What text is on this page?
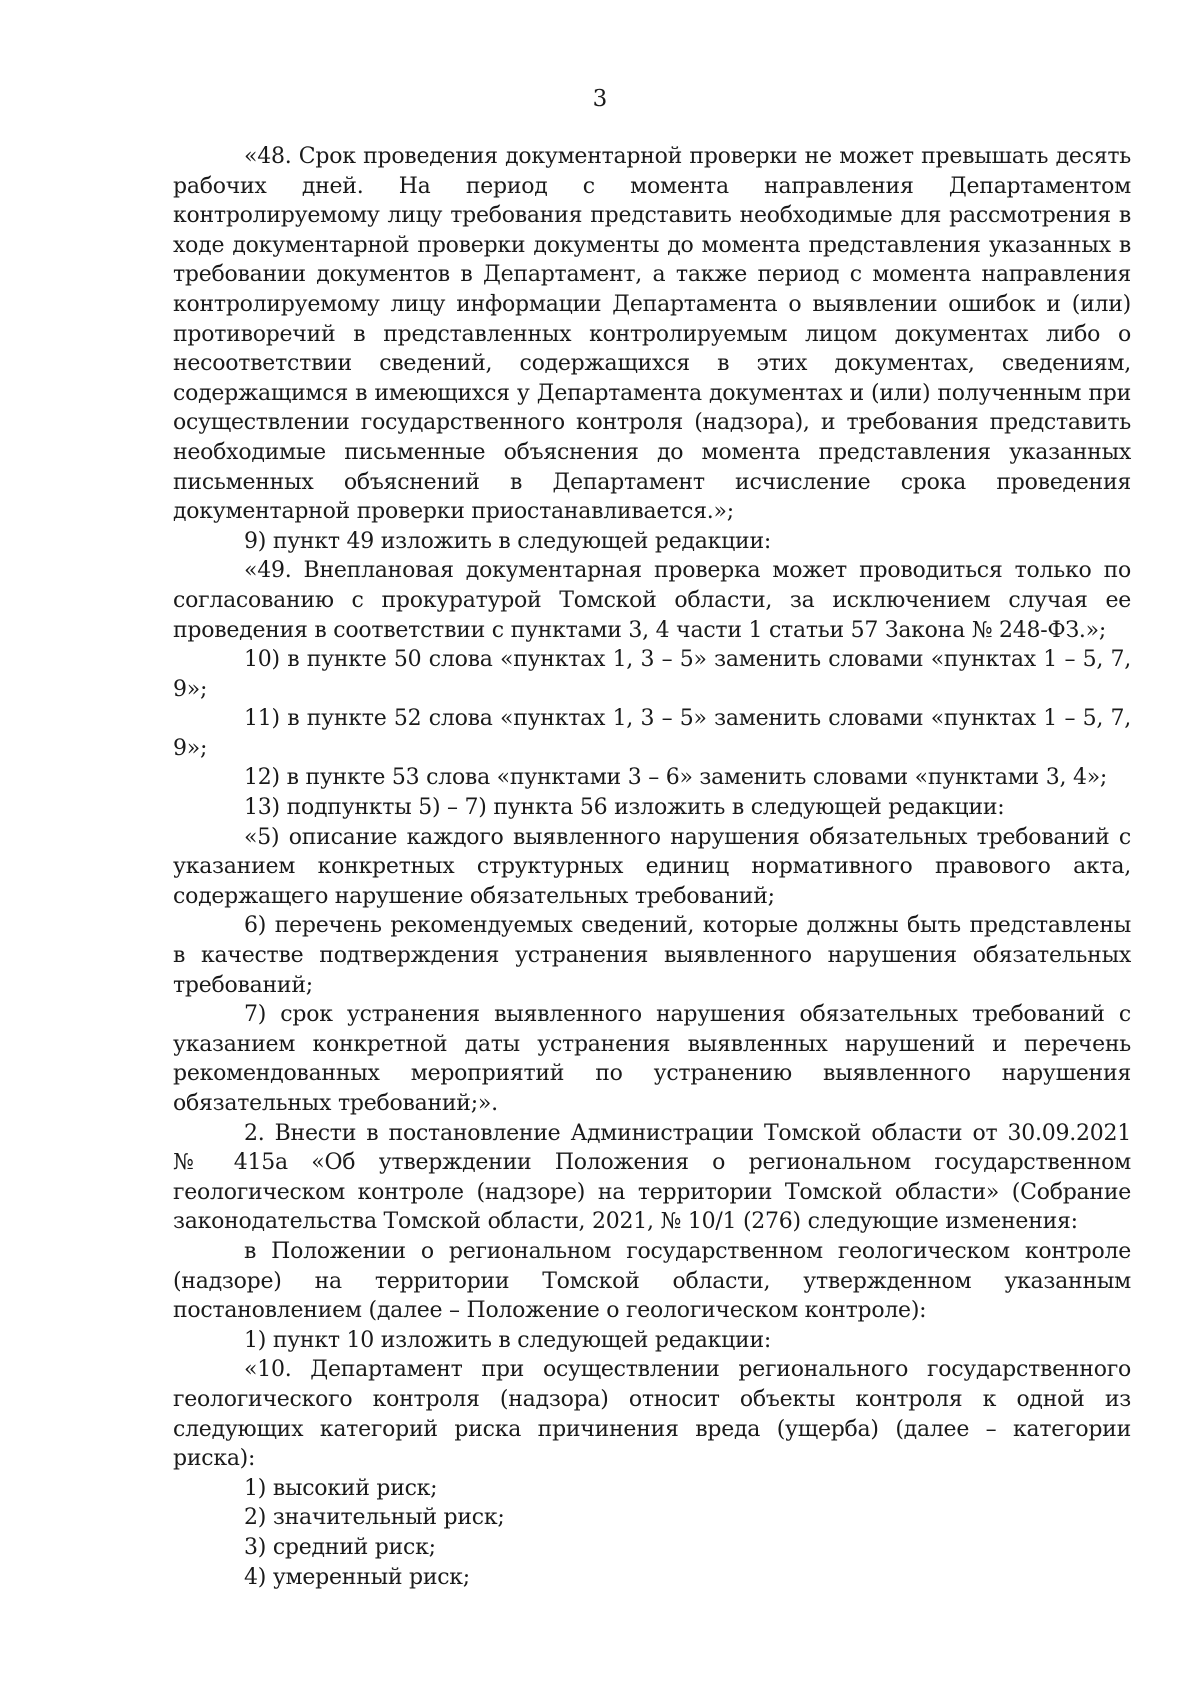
3

«48. Срок проведения документарной проверки не может превышать десять рабочих дней. На период с момента направления Департаментом контролируемому лицу требования представить необходимые для рассмотрения в ходе документарной проверки документы до момента представления указанных в требовании документов в Департамент, а также период с момента направления контролируемому лицу информации Департамента о выявлении ошибок и (или) противоречий в представленных контролируемым лицом документах либо о несоответствии сведений, содержащихся в этих документах, сведениям, содержащимся в имеющихся у Департамента документах и (или) полученным при осуществлении государственного контроля (надзора), и требования представить необходимые письменные объяснения до момента представления указанных письменных объяснений в Департамент исчисление срока проведения документарной проверки приостанавливается.»;

9) пункт 49 изложить в следующей редакции:

«49. Внеплановая документарная проверка может проводиться только по согласованию с прокуратурой Томской области, за исключением случая ее проведения в соответствии с пунктами 3, 4 части 1 статьи 57 Закона № 248-ФЗ.»;

10) в пункте 50 слова «пунктах 1, 3 – 5» заменить словами «пунктах 1 – 5, 7, 9»;

11) в пункте 52 слова «пунктах 1, 3 – 5» заменить словами «пунктах 1 – 5, 7, 9»;

12) в пункте 53 слова «пунктами 3 – 6» заменить словами «пунктами 3, 4»;

13) подпункты 5) – 7) пункта 56 изложить в следующей редакции:

«5) описание каждого выявленного нарушения обязательных требований с указанием конкретных структурных единиц нормативного правового акта, содержащего нарушение обязательных требований;

6) перечень рекомендуемых сведений, которые должны быть представлены в качестве подтверждения устранения выявленного нарушения обязательных требований;

7) срок устранения выявленного нарушения обязательных требований с указанием конкретной даты устранения выявленных нарушений и перечень рекомендованных мероприятий по устранению выявленного нарушения обязательных требований;».

2. Внести в постановление Администрации Томской области от 30.09.2021 № 415а «Об утверждении Положения о региональном государственном геологическом контроле (надзоре) на территории Томской области» (Собрание законодательства Томской области, 2021, № 10/1 (276) следующие изменения:

в Положении о региональном государственном геологическом контроле (надзоре) на территории Томской области, утвержденном указанным постановлением (далее – Положение о геологическом контроле):

1) пункт 10 изложить в следующей редакции:

«10. Департамент при осуществлении регионального государственного геологического контроля (надзора) относит объекты контроля к одной из следующих категорий риска причинения вреда (ущерба) (далее – категории риска):

1) высокий риск;

2) значительный риск;

3) средний риск;

4) умеренный риск;
